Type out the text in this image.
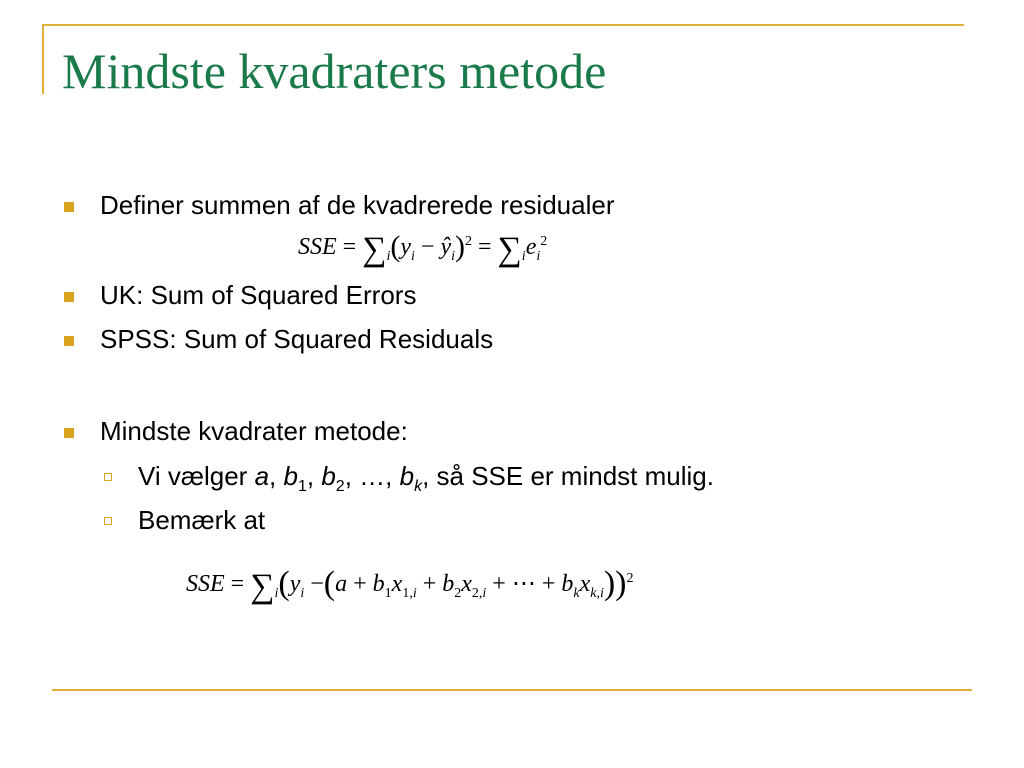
Mindste kvadraters metode
Definer summen af de kvadrerede residualer
SSE = $\sum_i(y_i$ − $ŷ_i)^2 = \sum_ie_i^2$
UK: Sum of Squared Errors
SPSS: Sum of Squared Residuals
Mindste kvadrater metode:
Vi vælger a, $b_1$, $b_2$, …, $b_k$, så SSE er mindst mulig.
Bemærk at
SSE = $\sum_i(y_i -(a + b_1x_{1,i} + b_2x_{2,i}$ + ⋯ + $b_kx_{k,i}))^2$
